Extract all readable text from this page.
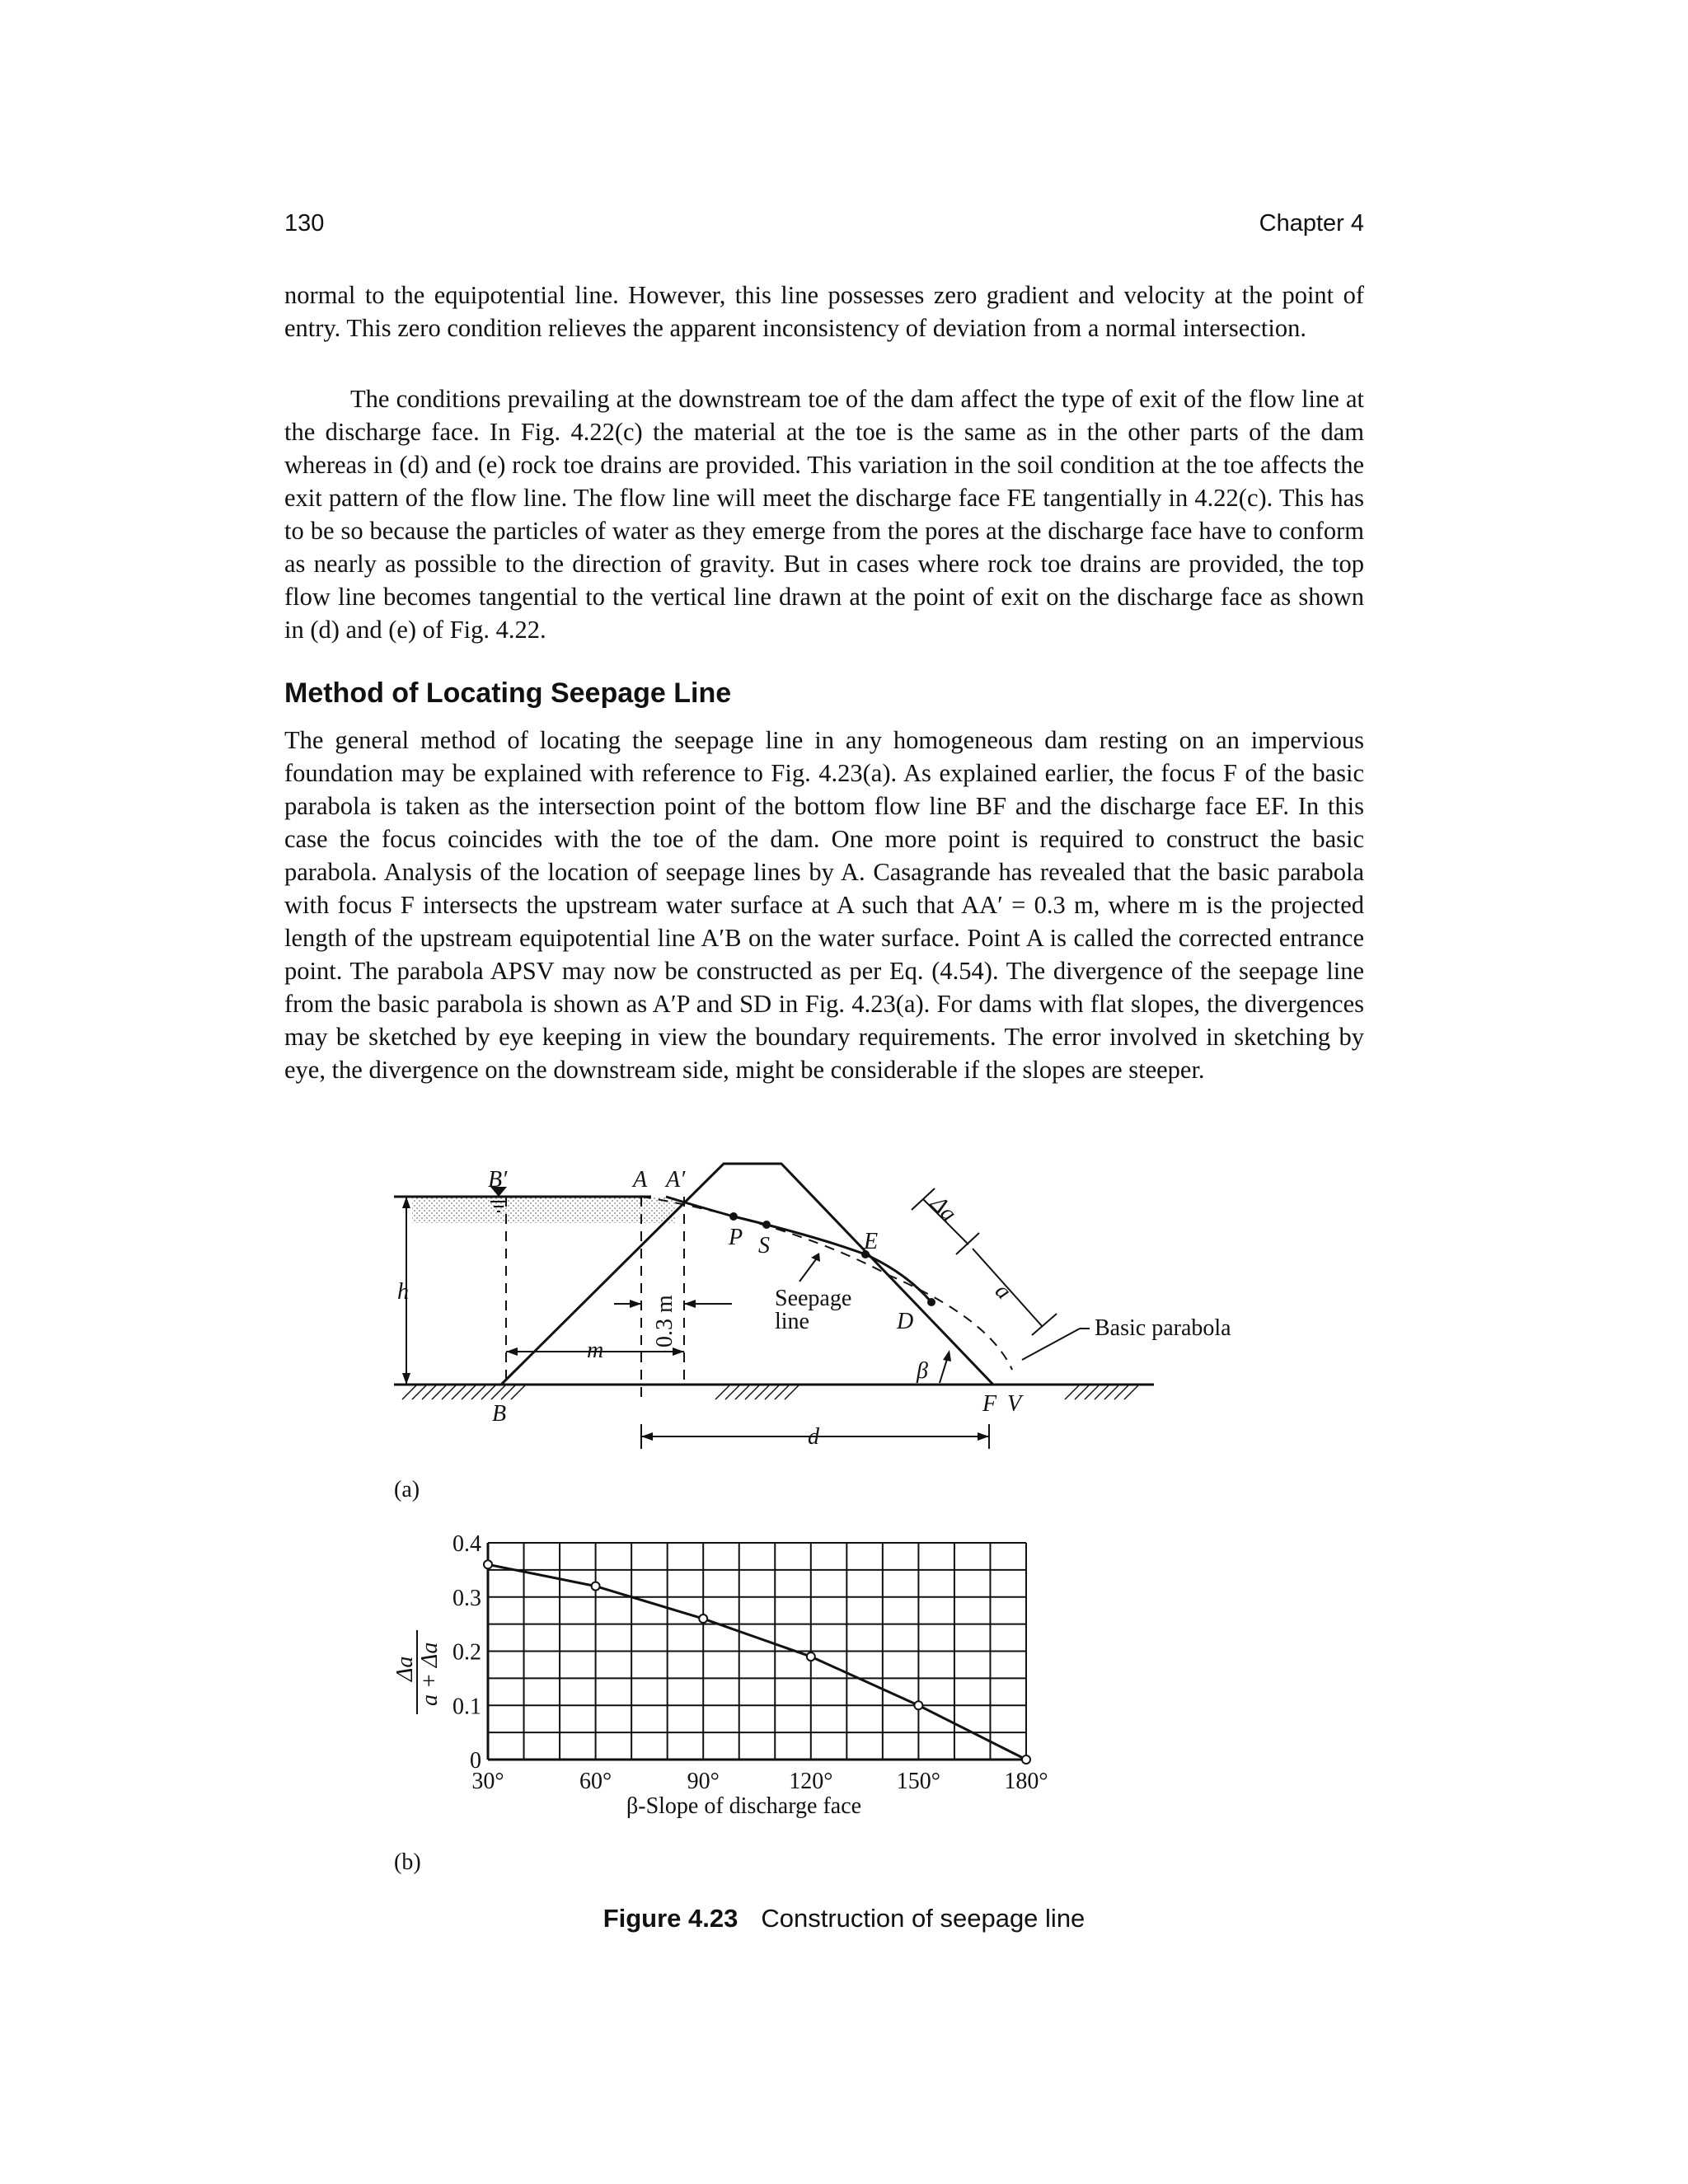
130	Chapter 4

normal to the equipotential line. However, this line possesses zero gradient and velocity at the point of entry. This zero condition relieves the apparent inconsistency of deviation from a normal intersection.

The conditions prevailing at the downstream toe of the dam affect the type of exit of the flow line at the discharge face. In Fig. 4.22(c) the material at the toe is the same as in the other parts of the dam whereas in (d) and (e) rock toe drains are provided. This variation in the soil condition at the toe affects the exit pattern of the flow line. The flow line will meet the discharge face FE tangentially in 4.22(c). This has to be so because the particles of water as they emerge from the pores at the discharge face have to conform as nearly as possible to the direction of gravity. But in cases where rock toe drains are provided, the top flow line becomes tangential to the vertical line drawn at the point of exit on the discharge face as shown in (d) and (e) of Fig. 4.22.

Method of Locating Seepage Line

The general method of locating the seepage line in any homogeneous dam resting on an impervious foundation may be explained with reference to Fig. 4.23(a). As explained earlier, the focus F of the basic parabola is taken as the intersection point of the bottom flow line BF and the discharge face EF. In this case the focus coincides with the toe of the dam. One more point is required to construct the basic parabola. Analysis of the location of seepage lines by A. Casagrande has revealed that the basic parabola with focus F intersects the upstream water surface at A such that AA′ = 0.3 m, where m is the projected length of the upstream equipotential line A′B on the water surface. Point A is called the corrected entrance point. The parabola APSV may now be constructed as per Eq. (4.54). The divergence of the seepage line from the basic parabola is shown as A′P and SD in Fig. 4.23(a). For dams with flat slopes, the divergences may be sketched by eye keeping in view the boundary requirements. The error involved in sketching by eye, the divergence on the downstream side, might be considerable if the slopes are steeper.

B′	A A′
P S	E
D
h
m
d
B	F V
β
0.3 m
Δa
a
Seepage
line	Basic parabola
(a)
30°	60°	90°	120°	150°	180°
0
0.1
0.2
0.3
0.4
Δa a + Δa
β-Slope of discharge face
(b)
Figure 4.23 Construction of seepage line
